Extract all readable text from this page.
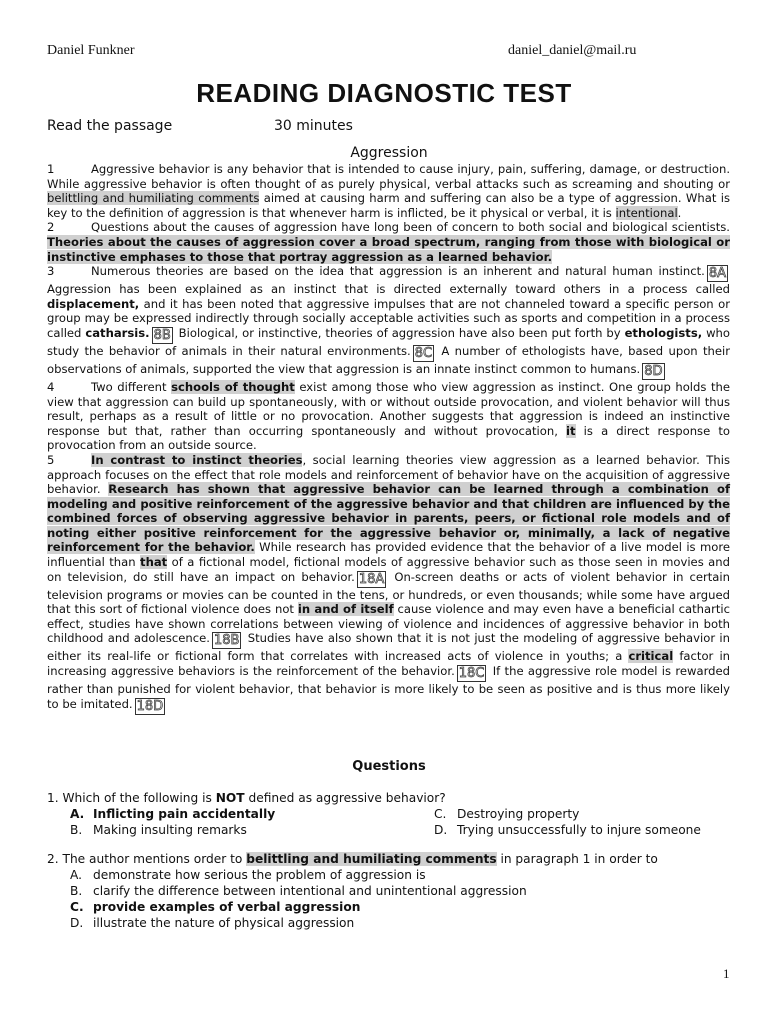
Daniel Funkner	daniel_daniel@mail.ru
READING DIAGNOSTIC TEST
Read the passage	30 minutes
Aggression

1	Aggressive behavior is any behavior that is intended to cause injury, pain, suffering, damage, or destruction. While aggressive behavior is often thought of as purely physical, verbal attacks such as screaming and shouting or belittling and humiliating comments aimed at causing harm and suffering can also be a type of aggression. What is key to the definition of aggression is that whenever harm is inflicted, be it physical or verbal, it is intentional.

2	Questions about the causes of aggression have long been of concern to both social and biological scientists. Theories about the causes of aggression cover a broad spectrum, ranging from those with biological or instinctive emphases to those that portray aggression as a learned behavior.

3	Numerous theories are based on the idea that aggression is an inherent and natural human instinct. 8A Aggression has been explained as an instinct that is directed externally toward others in a process called displacement, and it has been noted that aggressive impulses that are not channeled toward a specific person or group may be expressed indirectly through socially acceptable activities such as sports and competition in a process called catharsis. 8B Biological, or instinctive, theories of aggression have also been put forth by ethologists, who study the behavior of animals in their natural environments. 8C A number of ethologists have, based upon their observations of animals, supported the view that aggression is an innate instinct common to humans. 8D

4	Two different schools of thought exist among those who view aggression as instinct. One group holds the view that aggression can build up spontaneously, with or without outside provocation, and violent behavior will thus result, perhaps as a result of little or no provocation. Another suggests that aggression is indeed an instinctive response but that, rather than occurring spontaneously and without provocation, it is a direct response to provocation from an outside source.

5	In contrast to instinct theories, social learning theories view aggression as a learned behavior. This approach focuses on the effect that role models and reinforcement of behavior have on the acquisition of aggressive behavior. Research has shown that aggressive behavior can be learned through a combination of modeling and positive reinforcement of the aggressive behavior and that children are influenced by the combined forces of observing aggressive behavior in parents, peers, or fictional role models and of noting either positive reinforcement for the aggressive behavior or, minimally, a lack of negative reinforcement for the behavior. While research has provided evidence that the behavior of a live model is more influential than that of a fictional model, fictional models of aggressive behavior such as those seen in movies and on television, do still have an impact on behavior. 18A On-screen deaths or acts of violent behavior in certain television programs or movies can be counted in the tens, or hundreds, or even thousands; while some have argued that this sort of fictional violence does not in and of itself cause violence and may even have a beneficial cathartic effect, studies have shown correlations between viewing of violence and incidences of aggressive behavior in both childhood and adolescence. 18B Studies have also shown that it is not just the modeling of aggressive behavior in either its real-life or fictional form that correlates with increased acts of violence in youths; a critical factor in increasing aggressive behaviors is the reinforcement of the behavior. 18C If the aggressive role model is rewarded rather than punished for violent behavior, that behavior is more likely to be seen as positive and is thus more likely to be imitated. 18D

Questions

1. Which of the following is NOT defined as aggressive behavior?

A. Inflicting pain accidentally
B. Making insulting remarks
C. Destroying property
D. Trying unsuccessfully to injure someone

2. The author mentions order to belittling and humiliating comments in paragraph 1 in order to

A. demonstrate how serious the problem of aggression is
B. clarify the difference between intentional and unintentional aggression
C. provide examples of verbal aggression
D. illustrate the nature of physical aggression
1
